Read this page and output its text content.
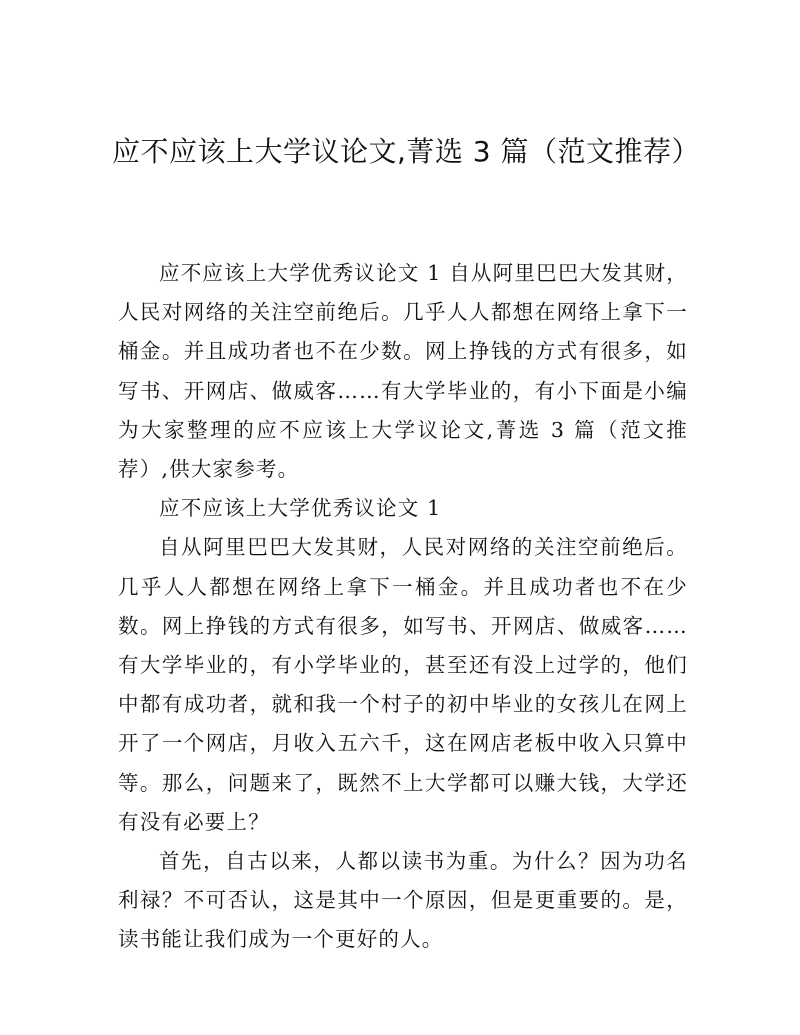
应不应该上大学议论文,菁选 3 篇（范文推荐）

应不应该上大学优秀议论文 1 自从阿里巴巴大发其财，人民对网络的关注空前绝后。几乎人人都想在网络上拿下一桶金。并且成功者也不在少数。网上挣钱的方式有很多，如写书、开网店、做威客……有大学毕业的，有小下面是小编为大家整理的应不应该上大学议论文,菁选 3 篇（范文推荐）,供大家参考。

应不应该上大学优秀议论文 1

自从阿里巴巴大发其财，人民对网络的关注空前绝后。几乎人人都想在网络上拿下一桶金。并且成功者也不在少数。网上挣钱的方式有很多，如写书、开网店、做威客……有大学毕业的，有小学毕业的，甚至还有没上过学的，他们中都有成功者，就和我一个村子的初中毕业的女孩儿在网上开了一个网店，月收入五六千，这在网店老板中收入只算中等。那么，问题来了，既然不上大学都可以赚大钱，大学还有没有必要上？

首先，自古以来，人都以读书为重。为什么？因为功名利禄？不可否认，这是其中一个原因，但是更重要的。是，读书能让我们成为一个更好的人。
